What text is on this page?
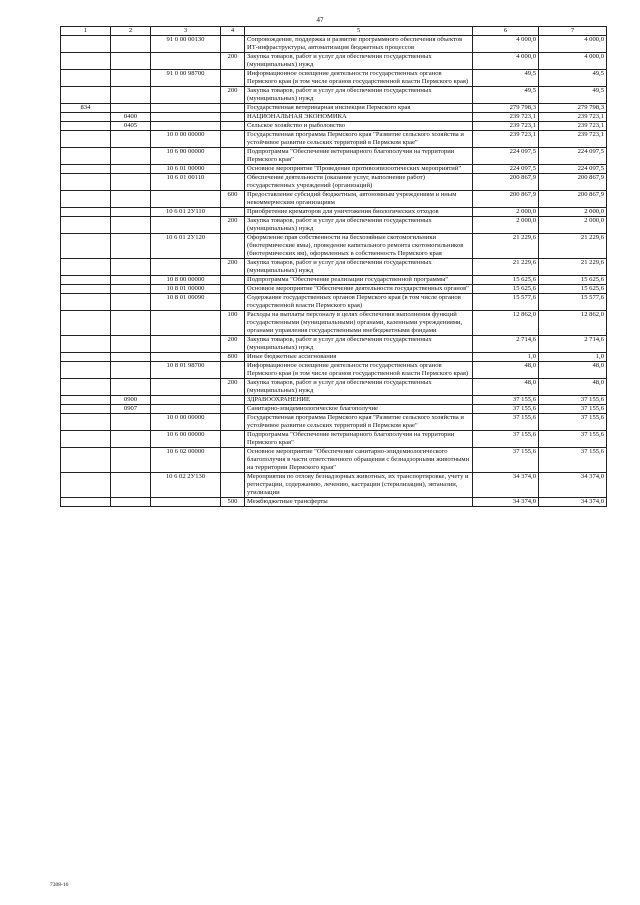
47
1	2	3	4	5	6	7
		91 0 00 00130		Сопровождение, поддержка и развитие программного обеспечения объектов ИТ-инфраструктуры, автоматизация бюджетных процессов	4 000,0	4 000,0
			200	Закупка товаров, работ и услуг для обеспечения государственных (муниципальных) нужд	4 000,0	4 000,0
		91 0 00 98700		Информационное освещение деятельности государственных органов Пермского края (в том числе органов государственной власти Пермского края)	49,5	49,5
			200	Закупка товаров, работ и услуг для обеспечения государственных (муниципальных) нужд	49,5	49,5
834				Государственная ветеринарная инспекция Пермского края	279 798,3	279 798,3
	0400			НАЦИОНАЛЬНАЯ ЭКОНОМИКА	239 723,1	239 723,1
	0405			Сельское хозяйство и рыболовство	239 723,1	239 723,1
		10 0 00 00000		Государственная программа Пермского края "Развитие сельского хозяйства и устойчивое развитие сельских территорий в Пермском крае"	239 723,1	239 723,1
		10 6 00 00000		Подпрограмма "Обеспечение ветеринарного благополучия на территории Пермского края"	224 097,5	224 097,5
		10 6 01 00000		Основное мероприятие "Проведение противоэпизоотических мероприятий"	224 097,5	224 097,5
		10 6 01 00110		Обеспечение деятельности (оказание услуг, выполнение работ) государственных учреждений (организаций)	200 867,9	200 867,9
			600	Предоставление субсидий бюджетным, автономным учреждениям и иным некоммерческим организациям	200 867,9	200 867,9
		10 6 01 2У110		Приобретение крематоров для уничтожения биологических отходов	2 000,0	2 000,0
			200	Закупка товаров, работ и услуг для обеспечения государственных (муниципальных) нужд	2 000,0	2 000,0
		10 6 01 2У120		Оформление прав собственности на бесхозяйные скотомогильники (биотермические ямы), проведение капитального ремонта скотомогильников (биотермических ям), оформленных в собственность Пермского края	21 229,6	21 229,6
			200	Закупка товаров, работ и услуг для обеспечения государственных (муниципальных) нужд	21 229,6	21 229,6
		10 8 00 00000		Подпрограмма "Обеспечение реализации государственной программы"	15 625,6	15 625,6
		10 8 01 00000		Основное мероприятие "Обеспечение деятельности государственных органов"	15 625,6	15 625,6
		10 8 01 00090		Содержание государственных органов Пермского края (в том числе органов государственной власти Пермского края)	15 577,6	15 577,6
			100	Расходы на выплаты персоналу в целях обеспечения выполнения функций государственными (муниципальными) органами, казенными учреждениями, органами управления государственными внебюджетными фондами	12 862,0	12 862,0
			200	Закупка товаров, работ и услуг для обеспечения государственных (муниципальных) нужд	2 714,6	2 714,6
			800	Иные бюджетные ассигнования	1,0	1,0
		10 8 01 98700		Информационное освещение деятельности государственных органов Пермского края (в том числе органов государственной власти Пермского края)	48,0	48,0
			200	Закупка товаров, работ и услуг для обеспечения государственных (муниципальных) нужд	48,0	48,0
	0900			ЗДРАВООХРАНЕНИЕ	37 155,6	37 155,6
	0907			Санитарно-эпидемиологическое благополучие	37 155,6	37 155,6
		10 0 00 00000		Государственная программа Пермского края "Развитие сельского хозяйства и устойчивое развитие сельских территорий в Пермском крае"	37 155,6	37 155,6
		10 6 00 00000		Подпрограмма "Обеспечение ветеринарного благополучия на территории Пермского края"	37 155,6	37 155,6
		10 6 02 00000		Основное мероприятие "Обеспечение санитарно-эпидемиологического благополучия в части ответственного обращения с безнадзорными животными на территории Пермского края"	37 155,6	37 155,6
		10 6 02 2У130		Мероприятия по отлову безнадзорных животных, их транспортировке, учету и регистрации, содержанию, лечению, кастрации (стерилизации), эвтаназии, утилизации	34 374,0	34 374,0
			500	Межбюджетные трансферты	34 374,0	34 374,0
7308-16
